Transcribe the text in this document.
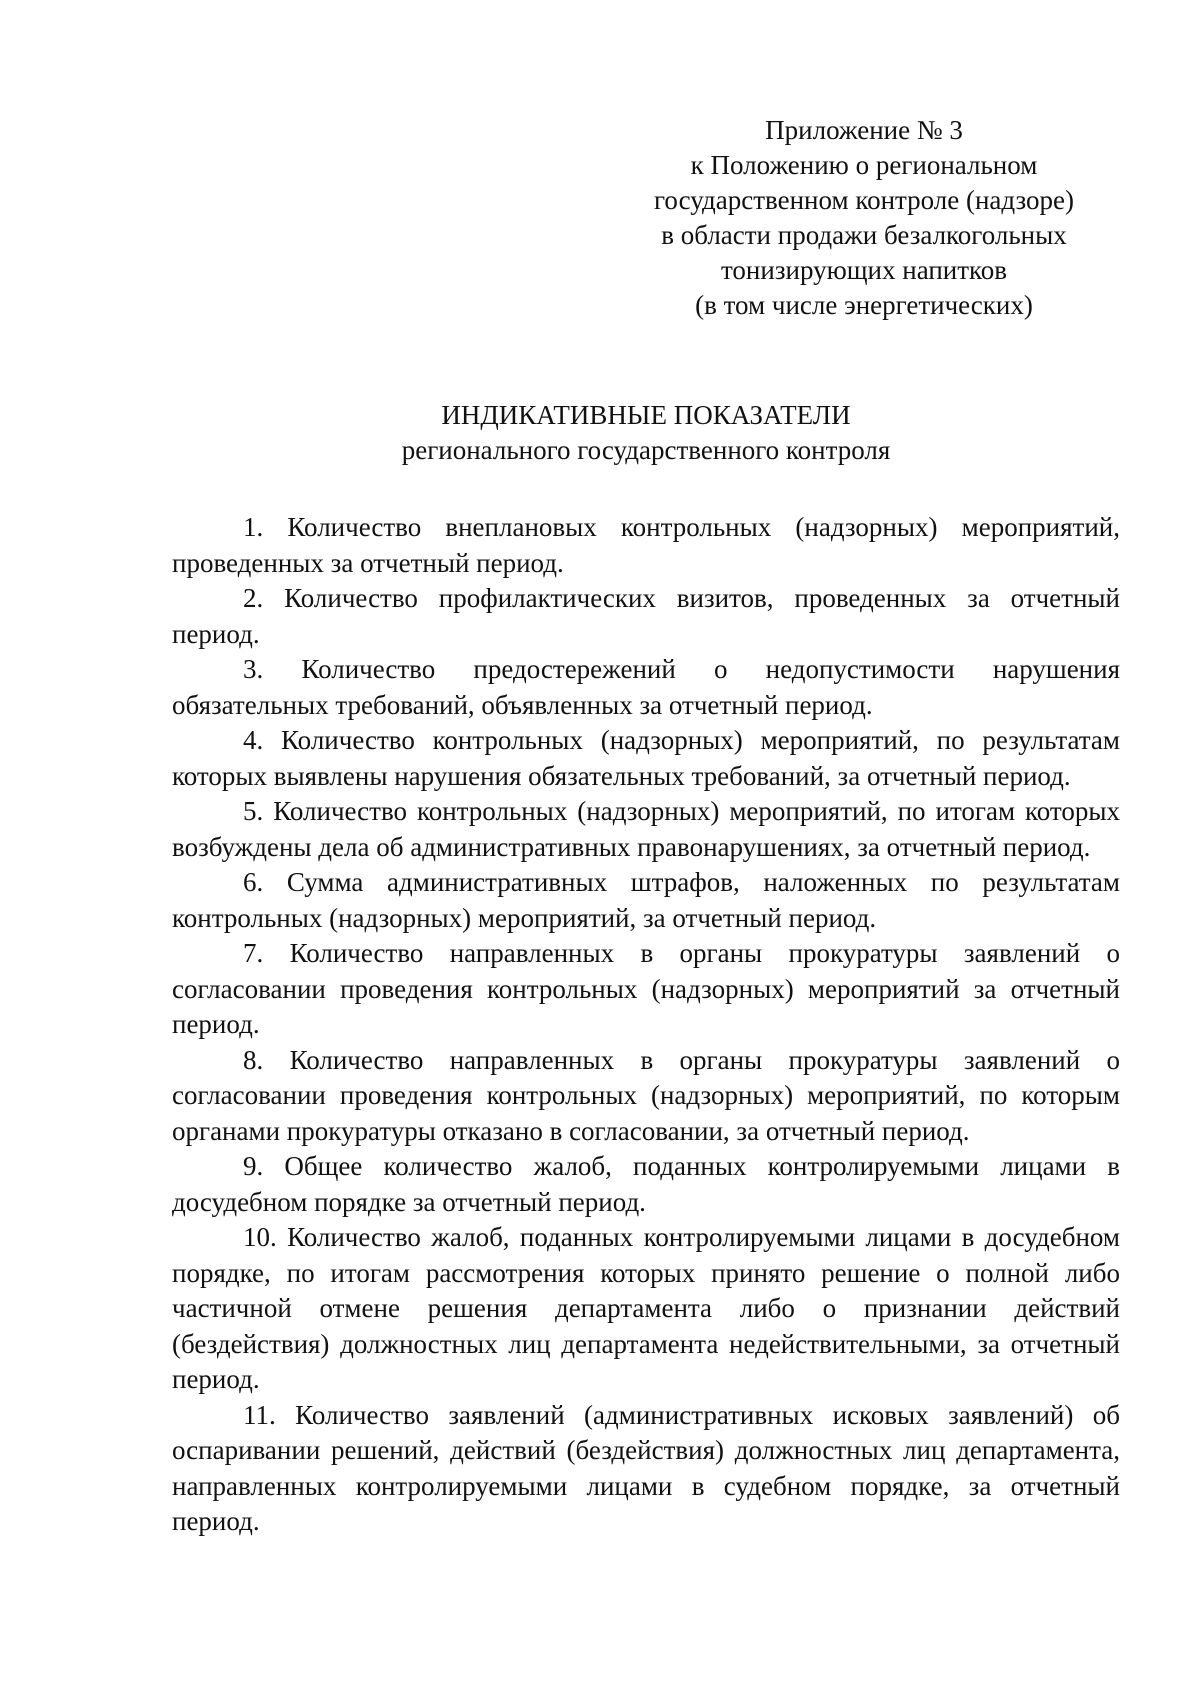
Приложение № 3
к Положению о региональном
государственном контроле (надзоре)
в области продажи безалкогольных
тонизирующих напитков
(в том числе энергетических)
ИНДИКАТИВНЫЕ ПОКАЗАТЕЛИ
регионального государственного контроля

1. Количество внеплановых контрольных (надзорных) мероприятий, проведенных за отчетный период.

2. Количество профилактических визитов, проведенных за отчетный период.

3. Количество предостережений о недопустимости нарушения обязательных требований, объявленных за отчетный период.

4. Количество контрольных (надзорных) мероприятий, по результатам которых выявлены нарушения обязательных требований, за отчетный период.

5. Количество контрольных (надзорных) мероприятий, по итогам которых возбуждены дела об административных правонарушениях, за отчетный период.

6. Сумма административных штрафов, наложенных по результатам контрольных (надзорных) мероприятий, за отчетный период.

7. Количество направленных в органы прокуратуры заявлений о согласовании проведения контрольных (надзорных) мероприятий за отчетный период.

8. Количество направленных в органы прокуратуры заявлений о согласовании проведения контрольных (надзорных) мероприятий, по которым органами прокуратуры отказано в согласовании, за отчетный период.

9. Общее количество жалоб, поданных контролируемыми лицами в досудебном порядке за отчетный период.

10. Количество жалоб, поданных контролируемыми лицами в досудебном порядке, по итогам рассмотрения которых принято решение о полной либо частичной отмене решения департамента либо о признании действий (бездействия) должностных лиц департамента недействительными, за отчетный период.

11. Количество заявлений (административных исковых заявлений) об оспаривании решений, действий (бездействия) должностных лиц департамента, направленных контролируемыми лицами в судебном порядке, за отчетный период.
